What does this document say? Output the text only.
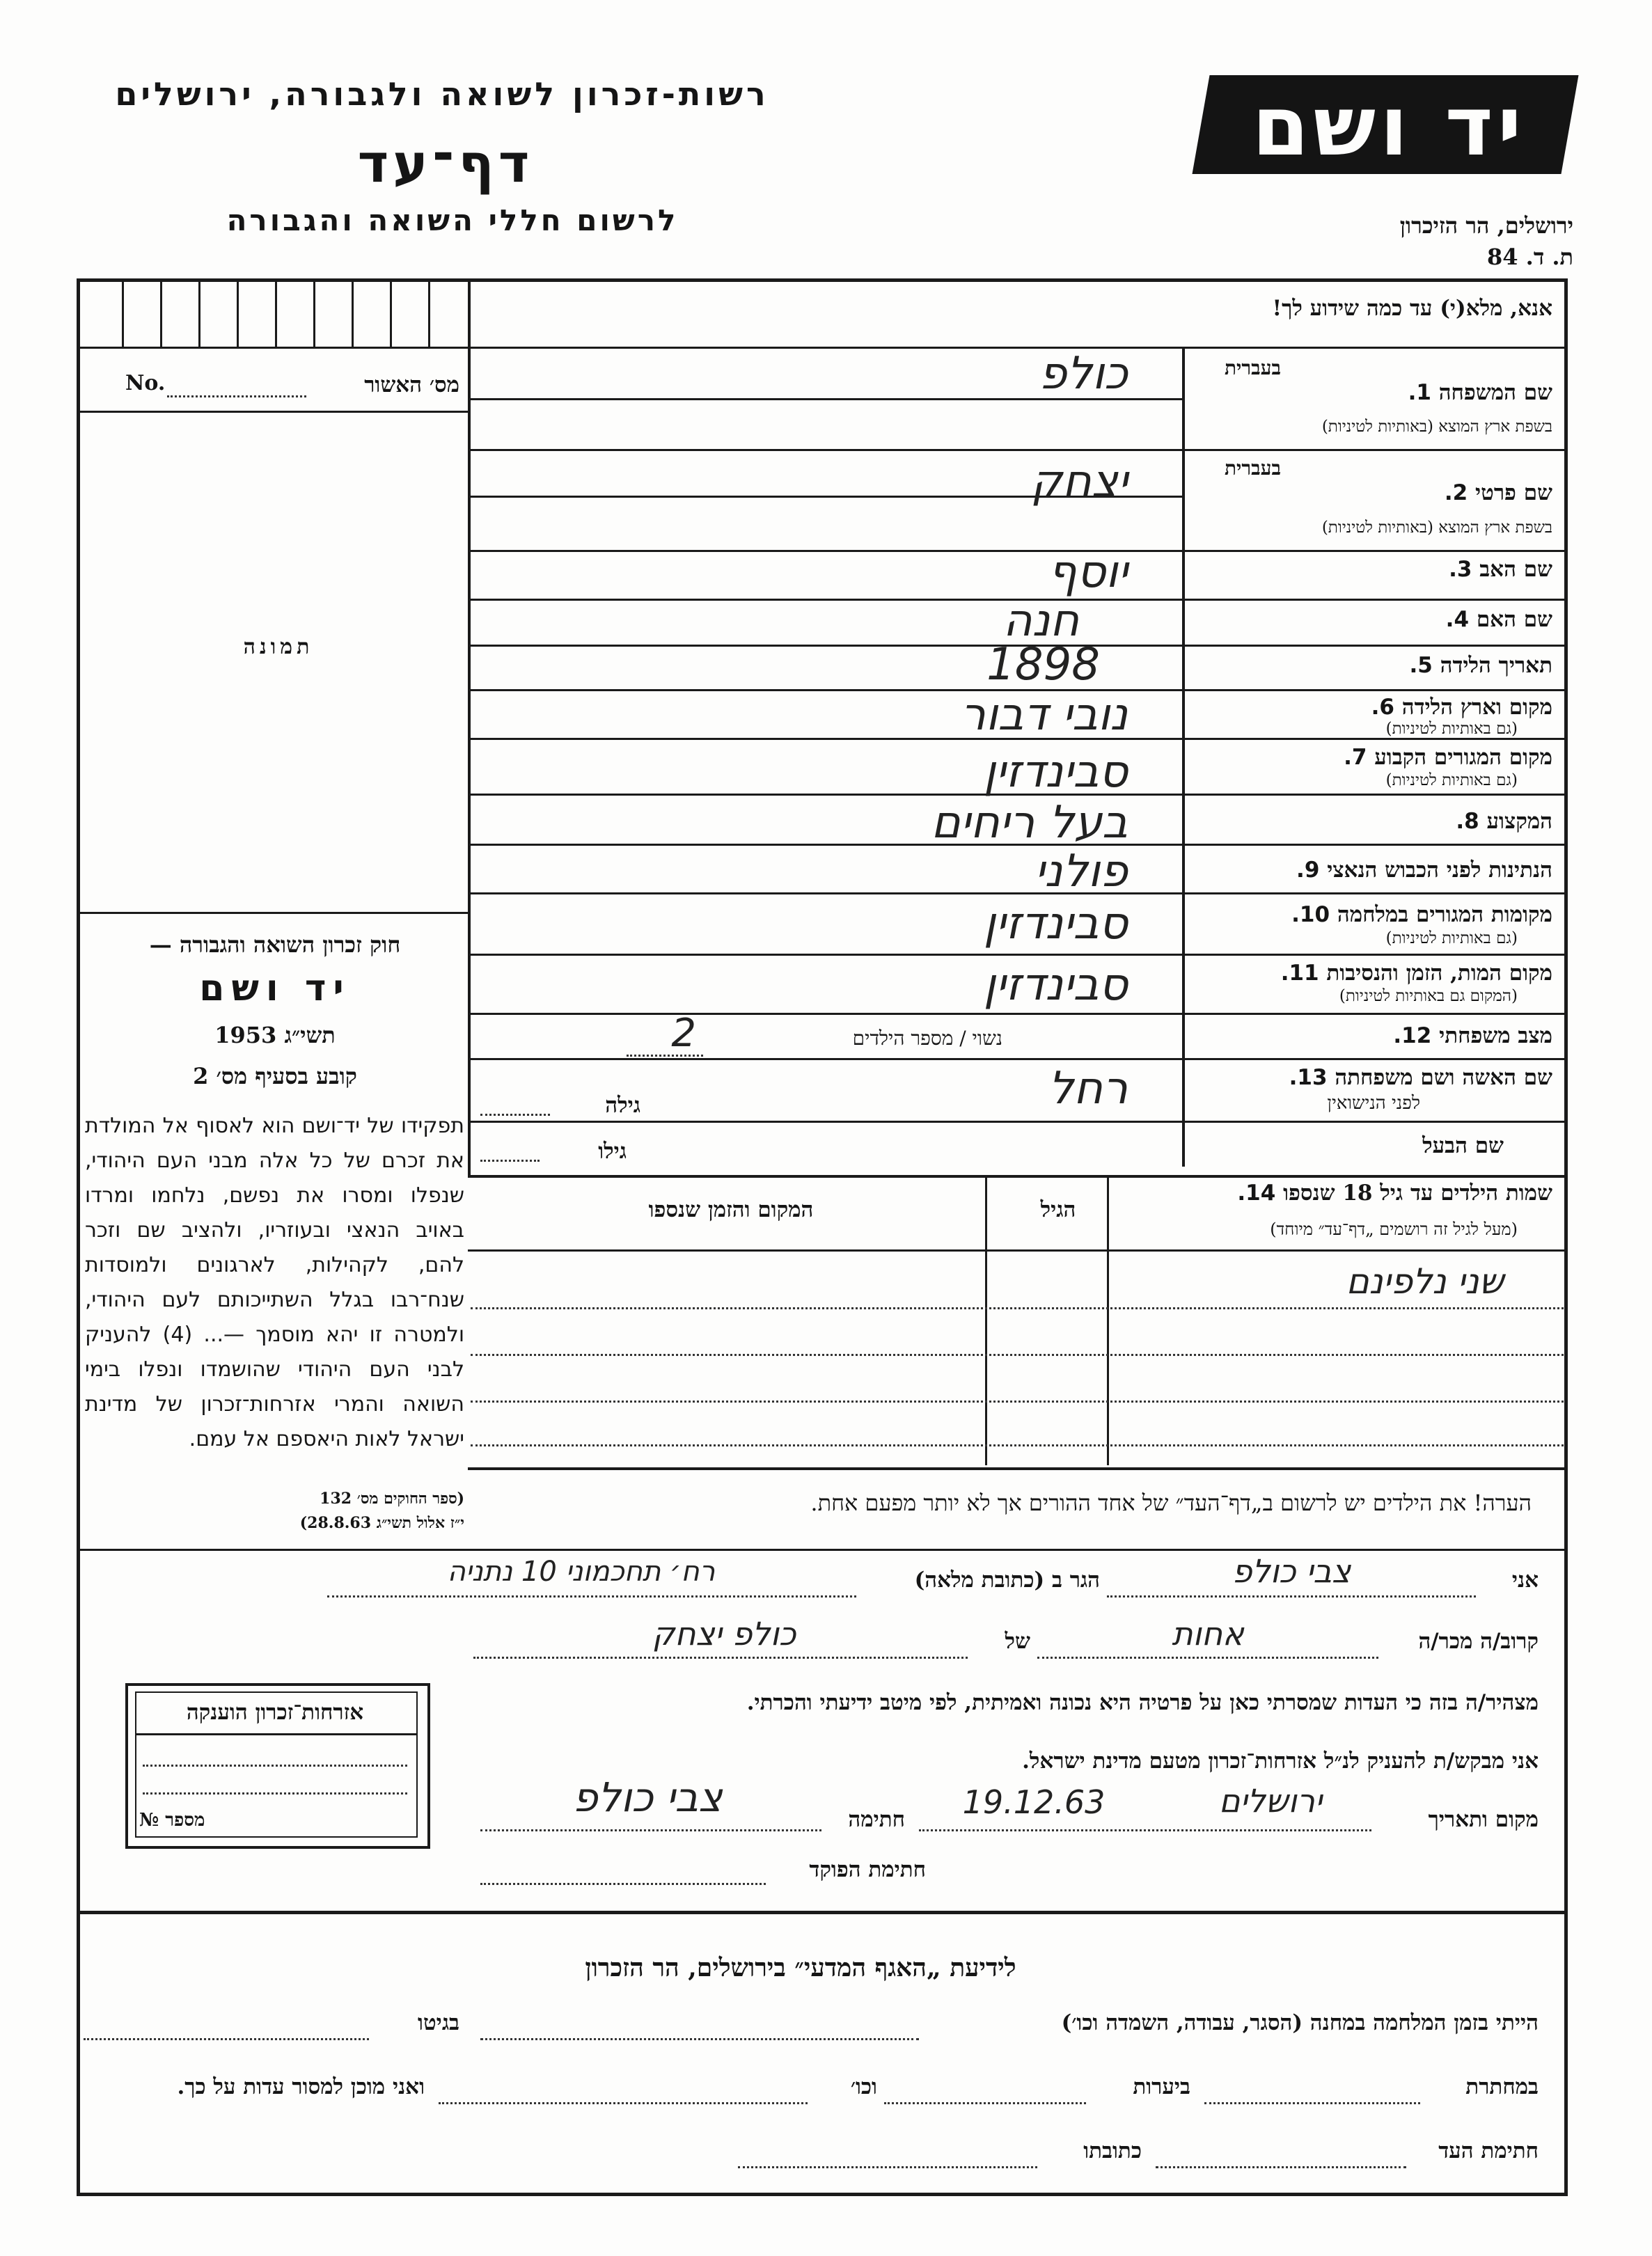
יד ושם
רשות-זכרון לשואה ולגבורה, ירושלים
דף־עד
לרשום חללי השואה והגבורה	ירושלים, הר הזיכרון
ת. ד. 84
אנא, מלא(י) עד כמה שידוע לך!
מס׳ האשור
No.
תמונה
חוק זכרון השואה והגבורה —
יד ושם
תשי״ג 1953
קובע בסעיף מס׳ 2
תפקידו של יד־ושם הוא לאסוף אל המולדת את זכרם של כל אלה מבני העם היהודי, שנפלו ומסרו את נפשם, נלחמו ומרדו באויב הנאצי ובעוזריו, ולהציב שם וזכר להם, לקהילות, לארגונים ולמוסדות שנח־רבו בגלל השתייכותם לעם היהודי, ולמטרה זו יהא מוסמך —... (4) להעניק לבני העם היהודי שהושמדו ונפלו בימי השואה והמרי אזרחות־זכרון של מדינת ישראל לאות היאספם אל עמם.
(ספר החוקים מס׳ 132
י״ז אלול תשי״ג 28.8.63)
בעברית
שם המשפחה 1.
בשפת ארץ המוצא (באותיות לטיניות)
כולפ
בעברית
שם פרטי 2.
בשפת ארץ המוצא (באותיות לטיניות)
יצחק
שם האב 3.
יוסף
שם האם 4.
חנה
תאריך הלידה 5.
1898
מקום וארץ הלידה 6.
(גם באותיות לטיניות)
נובי דבור
מקום המגורים הקבוע 7.
(גם באותיות לטיניות)
סבינדזין
המקצוע 8.
בעל ריחים
הנתינות לפני הכבוש הנאצי 9.
פולני
מקומות המגורים במלחמה 10.
(גם באותיות לטיניות)
סבינדזין
מקום המות, הזמן והנסיבות 11.
(המקום גם באותיות לטיניות)
סבינדזין
מצב משפחתי 12.
נשוי / מספר הילדים
2
שם האשה ושם משפחתה 13.
לפני הנישואין
רחל
גילה
שם הבעל
גילו
שמות הילדים עד גיל 18 שנספו 14.
(מעל לגיל זה רושמים „דף־עד״ מיוחד)
הגיל
המקום והזמן שנספו
שני נלפינם
הערה! את הילדים יש לרשום ב„דף־העד״ של אחד ההורים אך לא יותר מפעם אחת.
אני
צבי כולפ
הגר ב (כתובת מלאה)
רח׳ תחכמוני 10 נתניה
קרוב/ה מכר/ה
אחות
של
כולפ יצחק
מצהיר/ה בזה כי העדות שמסרתי כאן על פרטיה היא נכונה ואמיתית, לפי מיטב ידיעתי והכרתי.
אני מבקש/ת להעניק לנ״ל אזרחות־זכרון מטעם מדינת ישראל.
מקום ותאריך
ירושלים
19.12.63
חתימה
צבי כולפ
חתימת הפוקד
אזרחות־זכרון הוענקה
מספר №
לידיעת „האגף המדעי״ בירושלים, הר הזכרון
הייתי בזמן המלחמה במחנה (הסגר, עבודה, השמדה וכו׳)
בגיטו
במחתרת
ביערות
וכו׳
ואני מוכן למסור עדות על כך.
חתימת העד
כתובתו
